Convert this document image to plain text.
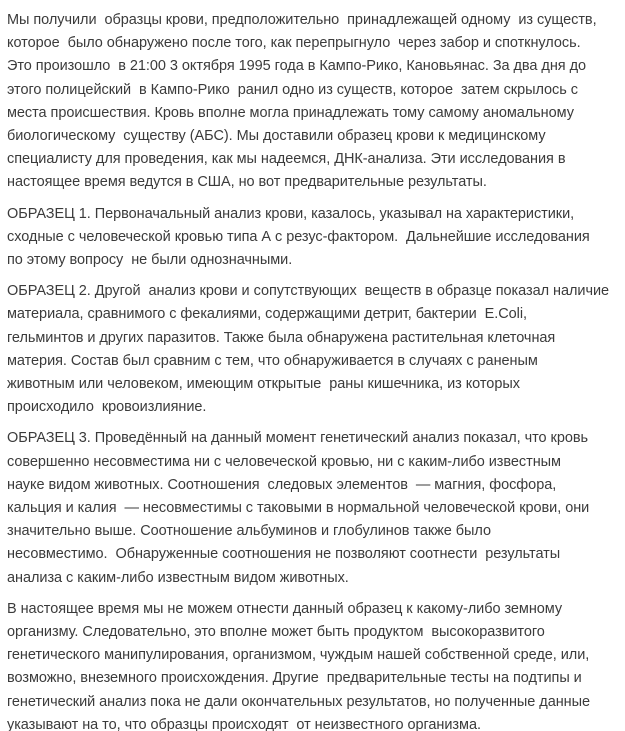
Мы получили  образцы крови, предположительно  принадлежащей одному  из существ,
которое  было обнаружено после того, как перепрыгнуло  через забор и споткнулось.
Это произошло  в 21:00 3 октября 1995 года в Кампо-Рико, Кановьянас. За два дня до
этого полицейский  в Кампо-Рико  ранил одно из существ, которое  затем скрылось с
места происшествия. Кровь вполне могла принадлежать тому самому аномальному
биологическому  существу (АБС). Мы доставили образец крови к медицинскому
специалисту для проведения, как мы надеемся, ДНК-анализа. Эти исследования в
настоящее время ведутся в США, но вот предварительные результаты.

ОБРАЗЕЦ 1. Первоначальный анализ крови, казалось, указывал на характеристики,
сходные с человеческой кровью типа А с резус-фактором.  Дальнейшие исследования
по этому вопросу  не были однозначными.

ОБРАЗЕЦ 2. Другой  анализ крови и сопутствующих  веществ в образце показал наличие
материала, сравнимого с фекалиями, содержащими детрит, бактерии  E.Coli,
гельминтов и других паразитов. Также была обнаружена растительная клеточная
материя. Состав был сравним с тем, что обнаруживается в случаях с раненым
животным или человеком, имеющим открытые  раны кишечника, из которых
происходило  кровоизлияние.

ОБРАЗЕЦ 3. Проведённый на данный момент генетический анализ показал, что кровь
совершенно несовместима ни с человеческой кровью, ни с каким-либо известным
науке видом животных. Соотношения  следовых элементов  — магния, фосфора,
кальция и калия  — несовместимы с таковыми в нормальной человеческой крови, они
значительно выше. Соотношение альбуминов и глобулинов также было
несовместимо.  Обнаруженные соотношения не позволяют соотнести  результаты
анализа с каким-либо известным видом животных.

В настоящее время мы не можем отнести данный образец к какому-либо земному
организму. Следовательно, это вполне может быть продуктом  высокоразвитого
генетического манипулирования, организмом, чуждым нашей собственной среде, или,
возможно, внеземного происхождения. Другие  предварительные тесты на подтипы и
генетический анализ пока не дали окончательных результатов, но полученные данные
указывают на то, что образцы происходят  от неизвестного организма.
